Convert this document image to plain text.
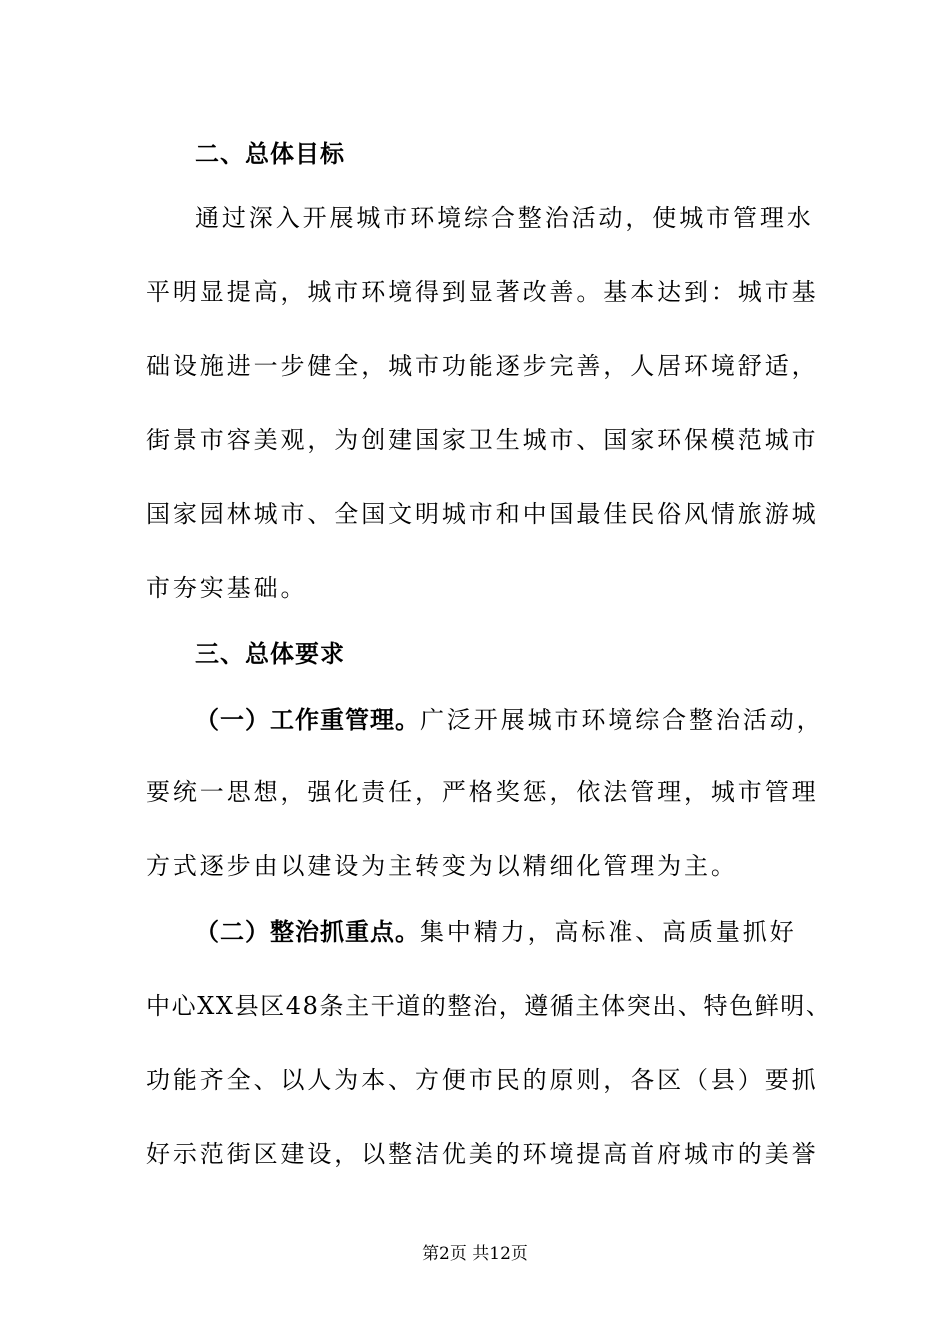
二、总体目标
通过深入开展城市环境综合整治活动，使城市管理水
平明显提高，城市环境得到显著改善。基本达到：城市基
础设施进一步健全，城市功能逐步完善，人居环境舒适，
街景市容美观，为创建国家卫生城市、国家环保模范城市
国家园林城市、全国文明城市和中国最佳民俗风情旅游城
市夯实基础。
三、总体要求
（一）工作重管理。广泛开展城市环境综合整治活动，
要统一思想，强化责任，严格奖惩，依法管理，城市管理
方式逐步由以建设为主转变为以精细化管理为主。
（二）整治抓重点。集中精力，高标准、高质量抓好
中心XX县区48条主干道的整治，遵循主体突出、特色鲜明、
功能齐全、以人为本、方便市民的原则，各区（县）要抓
好示范街区建设，以整洁优美的环境提高首府城市的美誉
第2页 共12页
